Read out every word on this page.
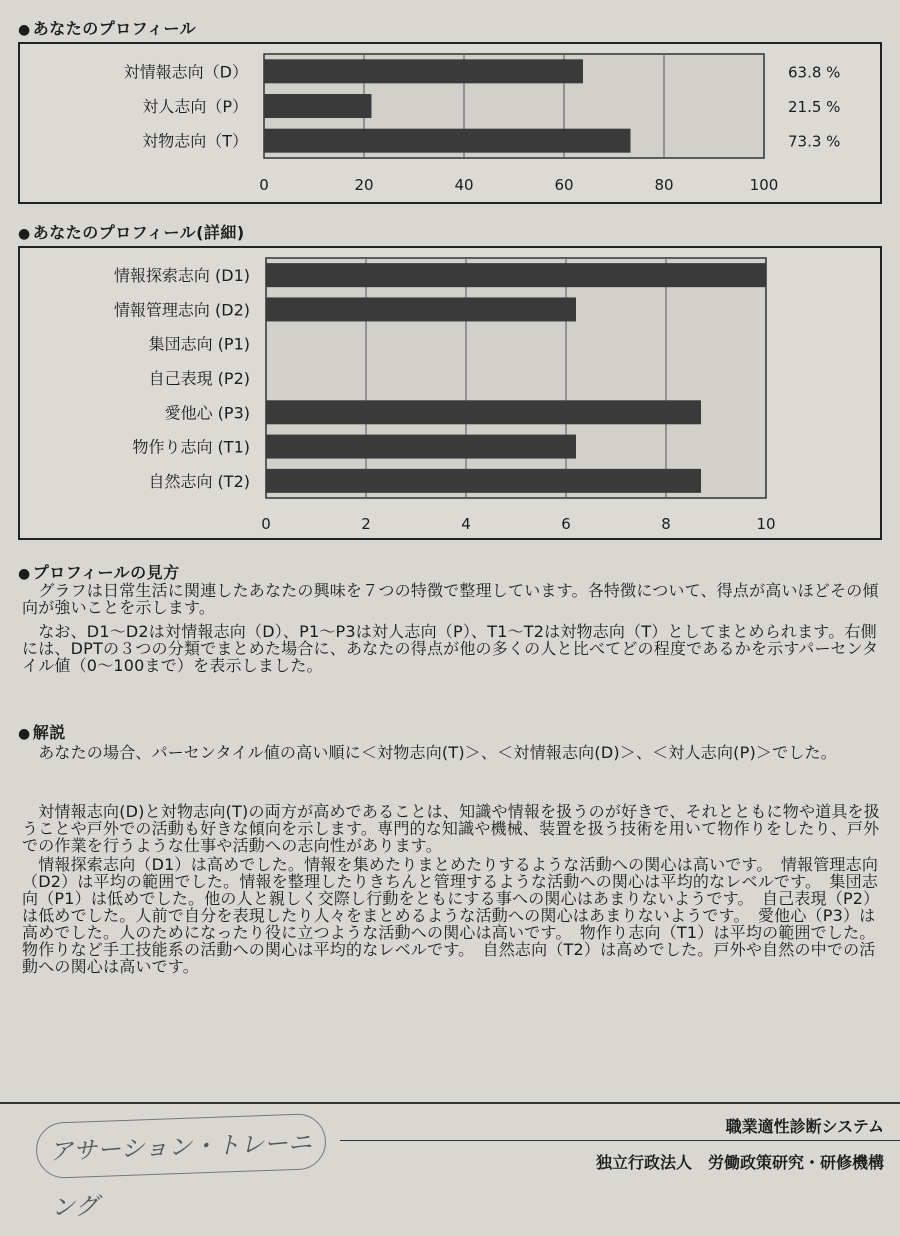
● あなたのプロフィール
0	20	40	60	80	100
対情報志向（D）	63.8 %
対人志向（P）	21.5 %
対物志向（T）	73.3 %
● あなたのプロフィール(詳細)
0	2	4	6	8	10
情報探索志向 (D1)
情報管理志向 (D2)
集団志向 (P1)
自己表現 (P2)
愛他心 (P3)
物作り志向 (T1)
自然志向 (T2)
● プロフィールの見方
　グラフは日常生活に関連したあなたの興味を７つの特徴で整理しています。各特徴について、得点が高いほどその傾向が強いことを示します。
　なお、D1～D2は対情報志向（D）、P1～P3は対人志向（P）、T1～T2は対物志向（T）としてまとめられます。右側には、DPTの３つの分類でまとめた場合に、あなたの得点が他の多くの人と比べてどの程度であるかを示すパーセンタイル値（0～100まで）を表示しました。
● 解説
　あなたの場合、パーセンタイル値の高い順に＜対物志向(T)＞、＜対情報志向(D)＞、＜対人志向(P)＞でした。
　対情報志向(D)と対物志向(T)の両方が高めであることは、知識や情報を扱うのが好きで、それとともに物や道具を扱うことや戸外での活動も好きな傾向を示します。専門的な知識や機械、装置を扱う技術を用いて物作りをしたり、戸外での作業を行うような仕事や活動への志向性があります。
　情報探索志向（D1）は高めでした。情報を集めたりまとめたりするような活動への関心は高いです。　情報管理志向（D2）は平均の範囲でした。情報を整理したりきちんと管理するような活動への関心は平均的なレベルです。　集団志向（P1）は低めでした。他の人と親しく交際し行動をともにする事への関心はあまりないようです。　自己表現（P2）は低めでした。人前で自分を表現したり人々をまとめるような活動への関心はあまりないようです。　愛他心（P3）は高めでした。人のためになったり役に立つような活動への関心は高いです。　物作り志向（T1）は平均の範囲でした。物作りなど手工技能系の活動への関心は平均的なレベルです。　自然志向（T2）は高めでした。戸外や自然の中での活動への関心は高いです。
アサーション・トレーニング
職業適性診断システム
独立行政法人　労働政策研究・研修機構
